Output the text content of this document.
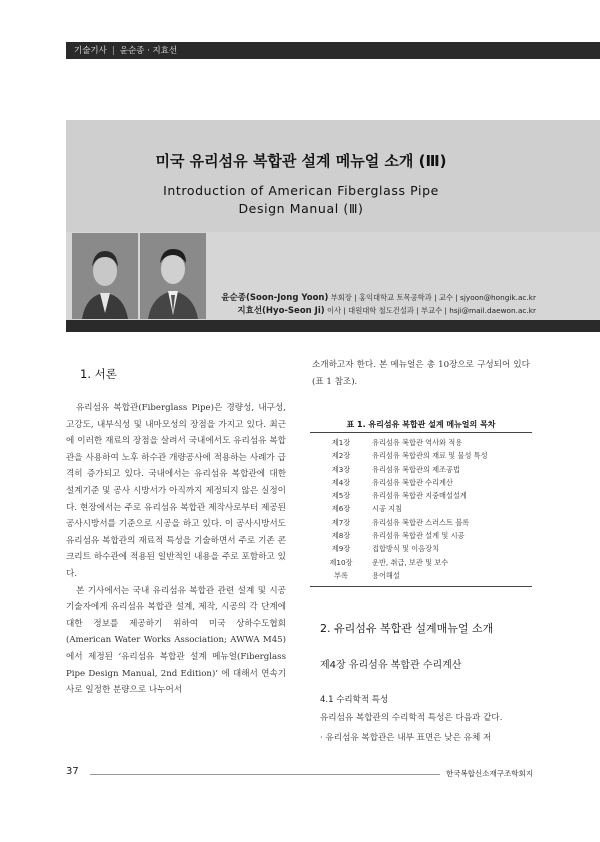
기술기사 | 윤순종 · 지효선
미국 유리섬유 복합관 설계 메뉴얼 소개 (Ⅲ)
Introduction of American Fiberglass Pipe
Design Manual (Ⅲ)
윤순종(Soon-Jong Yoon) 부회장 | 홍익대학교 토목공학과 | 교수 | sjyoon@hongik.ac.kr
지효선(Hyo-Seon Ji) 이사 | 대원대학 철도건설과 | 부교수 | hsji@mail.daewon.ac.kr
1. 서론

유리섬유 복합관(Fiberglass Pipe)은 경량성, 내구성, 고강도, 내부식성 및 내마모성의 장점을 가지고 있다. 최근에 이러한 재료의 장점을 살려서 국내에서도 유리섬유 복합관을 사용하여 노후 하수관 개량공사에 적용하는 사례가 급격히 증가되고 있다. 국내에서는 유리섬유 복합관에 대한 설계기준 및 공사 시방서가 아직까지 제정되지 않은 실정이다. 현장에서는 주로 유리섬유 복합관 제작사로부터 제공된 공사시방서를 기준으로 시공을 하고 있다. 이 공사시방서도 유리섬유 복합관의 재료적 특성을 기술하면서 주로 기존 콘크리트 하수관에 적용된 일반적인 내용을 주로 포함하고 있다.

본 기사에서는 국내 유리섬유 복합관 관련 설계 및 시공 기술자에게 유리섬유 복합관 설계, 제작, 시공의 각 단계에 대한 정보를 제공하기 위하여 미국 상하수도협회(American Water Works Association; AWWA M45) 에서 제정된 ‘유리섬유 복합관 설계 메뉴얼(Fiberglass Pipe Design Manual, 2nd Edition)’ 에 대해서 연속기사로 일정한 분량으로 나누어서

소개하고자 한다. 본 메뉴얼은 총 10장으로 구성되어 있다(표 1 참조).

표 1. 유리섬유 복합관 설계 메뉴얼의 목차
제1장	유리섬유 복합관 역사와 적용
제2장	유리섬유 복합관의 재료 및 물성 특성
제3장	유리섬유 복합관의 제조공법
제4장	유리섬유 복합관 수리계산
제5장	유리섬유 복합관 지중매설설계
제6장	시공 지침
제7장	유리섬유 복합관 스러스트 블록
제8장	유리섬유 복합관 설계 및 시공
제9장	접합방식 및 이음장치
제10장	운반, 취급, 보관 및 보수
부록	용어해설
2. 유리섬유 복합관 설계매뉴얼 소개
제4장 유리섬유 복합관 수리계산
4.1 수리학적 특성
유리섬유 복합관의 수리학적 특성은 다음과 같다.
· 유리섬유 복합관은 내부 표면은 낮은 유체 저
37	한국복합신소재구조학회지
